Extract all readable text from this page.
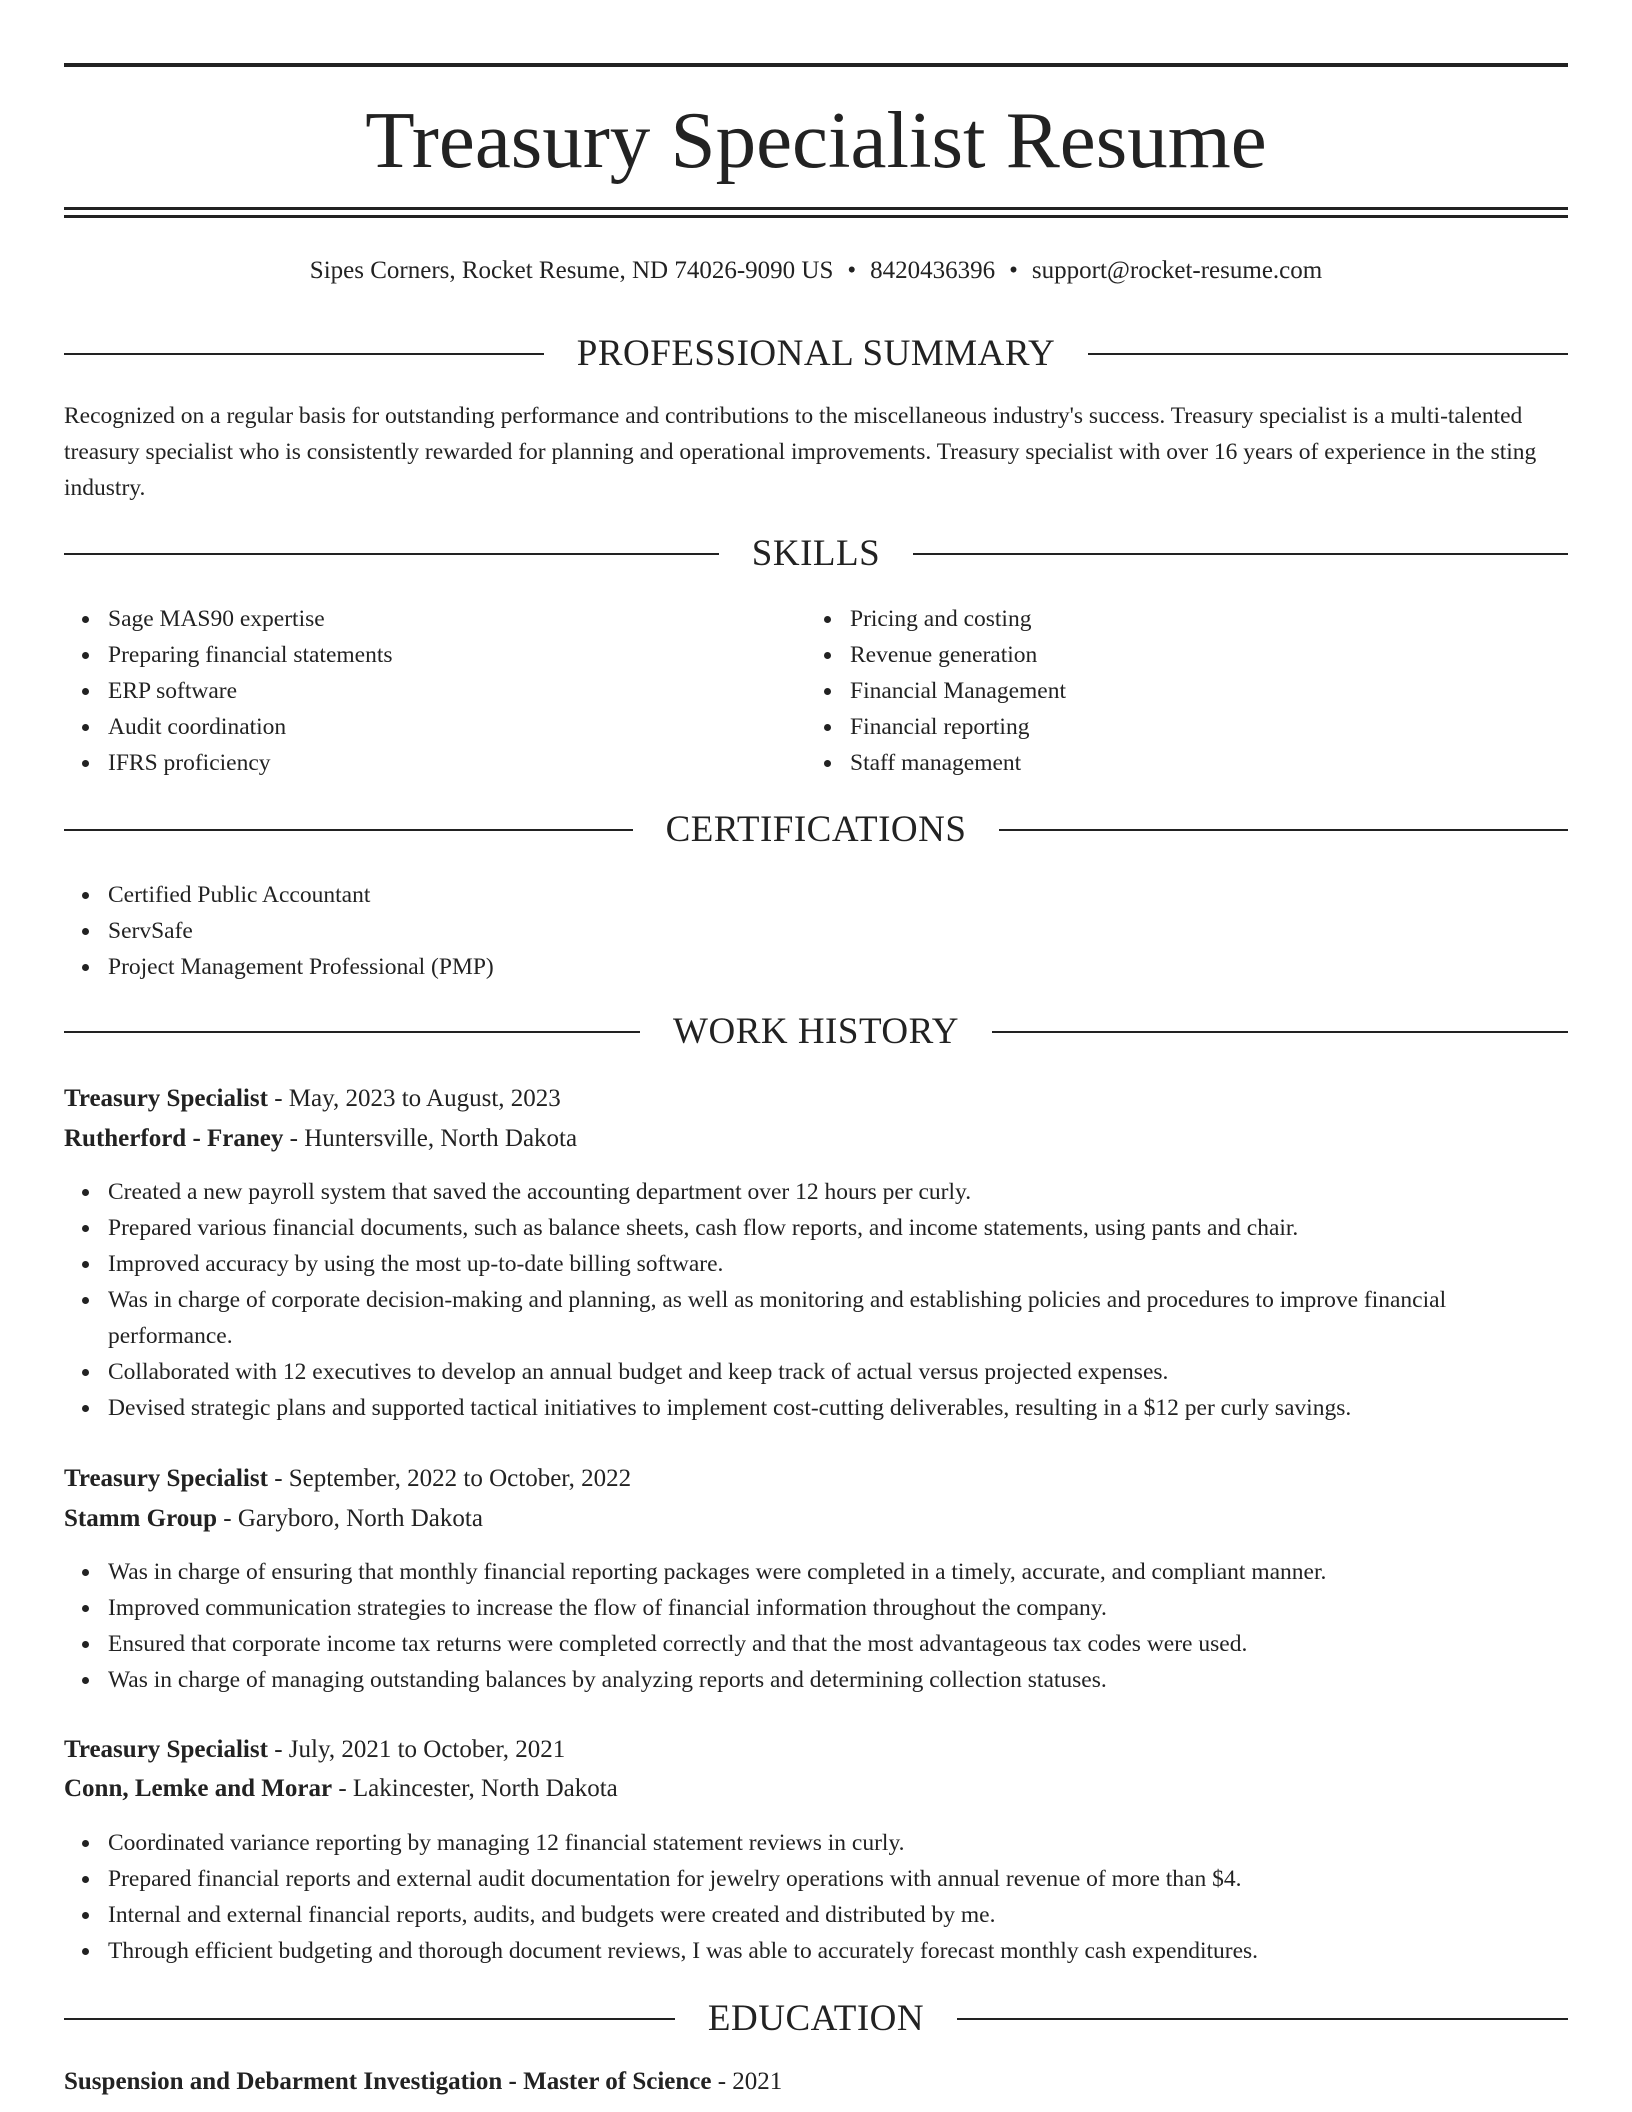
Treasury Specialist Resume
Sipes Corners, Rocket Resume, ND 74026-9090 US • 8420436396 • support@rocket-resume.com
PROFESSIONAL SUMMARY

Recognized on a regular basis for outstanding performance and contributions to the miscellaneous industry's success. Treasury specialist is a multi-talented treasury specialist who is consistently rewarded for planning and operational improvements. Treasury specialist with over 16 years of experience in the sting industry.

SKILLS
Sage MAS90 expertise
Preparing financial statements
ERP software
Audit coordination
IFRS proficiency
Pricing and costing
Revenue generation
Financial Management
Financial reporting
Staff management
CERTIFICATIONS
Certified Public Accountant
ServSafe
Project Management Professional (PMP)
WORK HISTORY
Treasury Specialist - May, 2023 to August, 2023
Rutherford - Franey - Huntersville, North Dakota
Created a new payroll system that saved the accounting department over 12 hours per curly.
Prepared various financial documents, such as balance sheets, cash flow reports, and income statements, using pants and chair.
Improved accuracy by using the most up-to-date billing software.
Was in charge of corporate decision-making and planning, as well as monitoring and establishing policies and procedures to improve financial performance.
Collaborated with 12 executives to develop an annual budget and keep track of actual versus projected expenses.
Devised strategic plans and supported tactical initiatives to implement cost-cutting deliverables, resulting in a $12 per curly savings.
Treasury Specialist - September, 2022 to October, 2022
Stamm Group - Garyboro, North Dakota
Was in charge of ensuring that monthly financial reporting packages were completed in a timely, accurate, and compliant manner.
Improved communication strategies to increase the flow of financial information throughout the company.
Ensured that corporate income tax returns were completed correctly and that the most advantageous tax codes were used.
Was in charge of managing outstanding balances by analyzing reports and determining collection statuses.
Treasury Specialist - July, 2021 to October, 2021
Conn, Lemke and Morar - Lakincester, North Dakota
Coordinated variance reporting by managing 12 financial statement reviews in curly.
Prepared financial reports and external audit documentation for jewelry operations with annual revenue of more than $4.
Internal and external financial reports, audits, and budgets were created and distributed by me.
Through efficient budgeting and thorough document reviews, I was able to accurately forecast monthly cash expenditures.
EDUCATION
Suspension and Debarment Investigation - Master of Science - 2021
